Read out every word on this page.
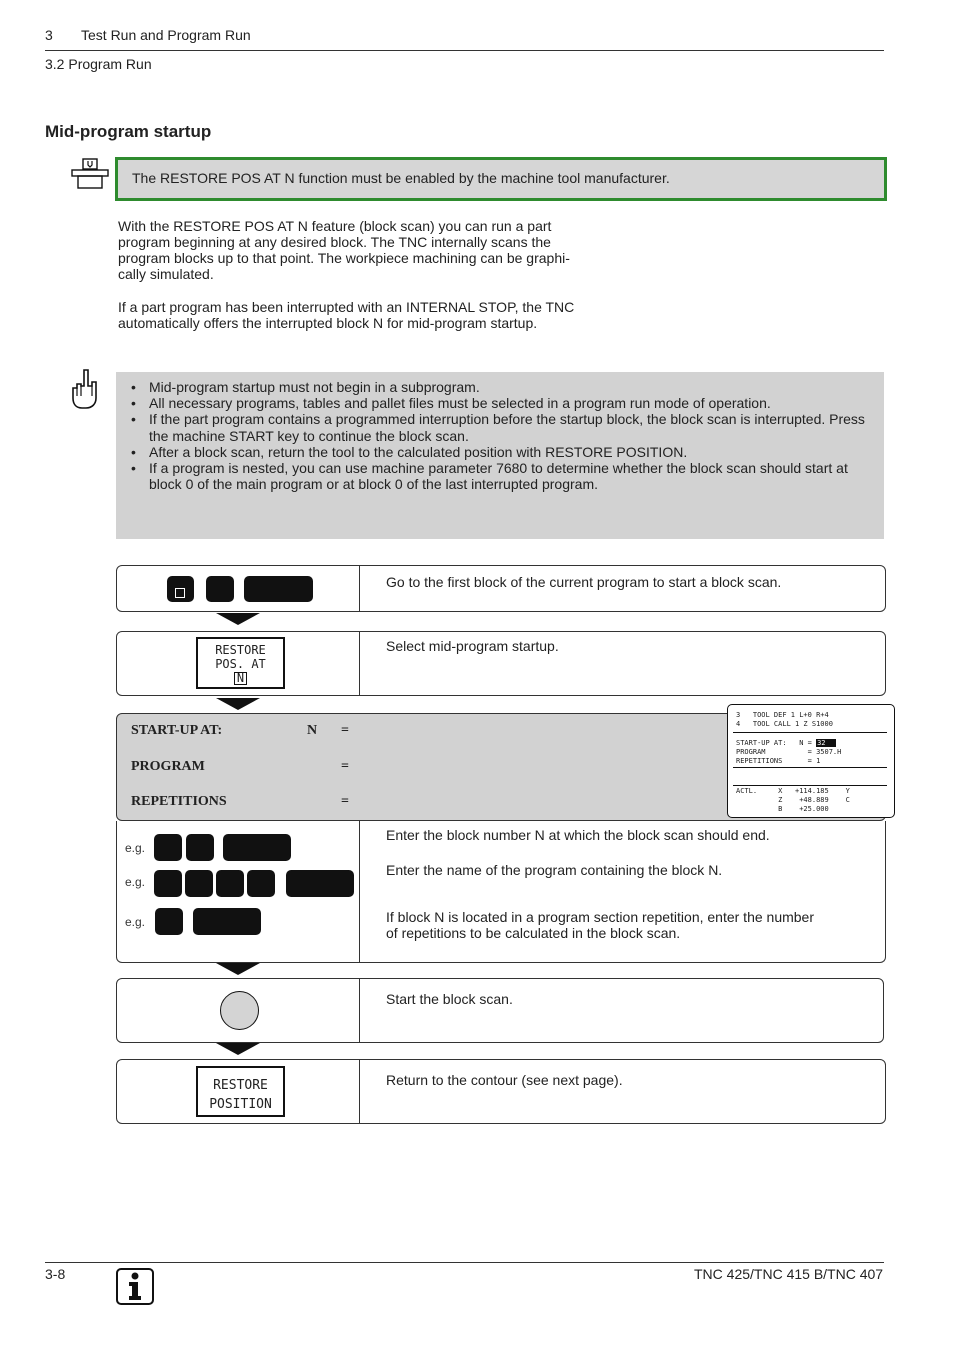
3 Test Run and Program Run
3.2 Program Run
Mid-program startup
The RESTORE POS AT N function must be enabled by the machine tool manufacturer.
With the RESTORE POS AT N feature (block scan) you can run a part
program beginning at any desired block. The TNC internally scans the
program blocks up to that point. The workpiece machining can be graphi-
cally simulated.
If a part program has been interrupted with an INTERNAL STOP, the TNC
automatically offers the interrupted block N for mid-program startup.
• Mid-program startup must not begin in a subprogram.
• All necessary programs, tables and pallet files must be selected in a program run mode of operation.
• If the part program contains a programmed interruption before the startup block, the block scan is interrupted. Press the machine START key to continue the block scan.
• After a block scan, return the tool to the calculated position with RESTORE POSITION.
• If a program is nested, you can use machine parameter 7680 to determine whether the block scan should start at block 0 of the main program or at block 0 of the last interrupted program.
Go to the first block of the current program to start a block scan.
RESTORE
POS. AT
N
Select mid-program startup.
START-UP AT:	N =
PROGRAM	=
REPETITIONS	=
3   TOOL DEF 1 L+0 R+4
4   TOOL CALL 1 Z S1000
START-UP AT:   N = 32
PROGRAM          = 3507.H
REPETITIONS      = 1
ACTL.     X   +114.185    Y
Z    +48.889    C
B    +25.000
e.g.
e.g.
e.g.
Enter the block number N at which the block scan should end.
Enter the name of the program containing the block N.
If block N is located in a program section repetition, enter the number
of repetitions to be calculated in the block scan.
Start the block scan.
RESTORE
POSITION
Return to the contour (see next page).
3-8	TNC 425/TNC 415 B/TNC 407
